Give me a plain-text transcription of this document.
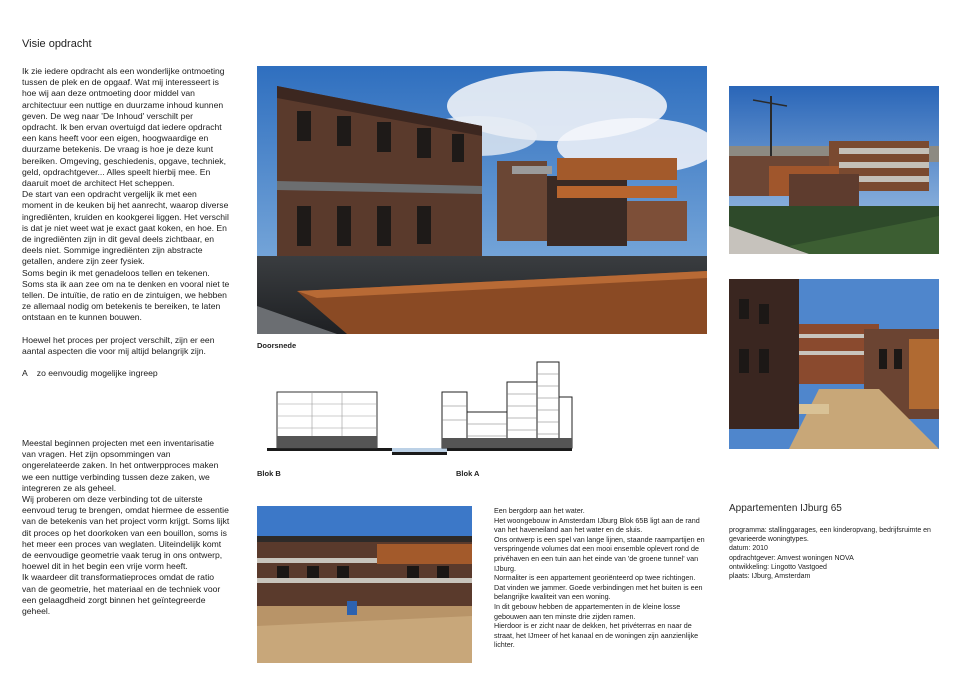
Visie opdracht

Ik zie iedere opdracht als een wonderlijke ontmoeting tussen de plek en de opgaaf. Wat mij interesseert is hoe wij aan deze ontmoeting door middel van architectuur een nuttige en duurzame inhoud kunnen geven. De weg naar 'De Inhoud' verschilt per opdracht. Ik ben ervan overtuigd dat iedere opdracht een kans heeft voor een eigen, hoogwaardige en duurzame betekenis. De vraag is hoe je deze kunt bereiken. Omgeving, geschiedenis, opgave, techniek, geld, opdrachtgever... Alles speelt hierbij mee. En daaruit moet de architect Het scheppen.

De start van een opdracht vergelijk ik met een moment in de keuken bij het aanrecht, waarop diverse ingrediënten, kruiden en kookgerei liggen. Het verschil is dat je niet weet wat je exact gaat koken, en hoe. En de ingrediënten zijn in dit geval deels zichtbaar, en deels niet. Sommige ingrediënten zijn abstracte getallen, andere zijn zeer fysiek.

Soms begin ik met genadeloos tellen en tekenen. Soms sta ik aan zee om na te denken en vooral niet te tellen. De intuïtie, de ratio en de zintuigen, we hebben ze allemaal nodig om betekenis te bereiken, te laten ontstaan en te kunnen bouwen.

Hoewel het proces per project verschilt, zijn er een aantal aspecten die voor mij altijd belangrijk zijn.

A    zo eenvoudig mogelijke ingreep

Meestal beginnen projecten met een inventarisatie van vragen. Het zijn opsommingen van ongerelateerde zaken. In het ontwerpproces maken we een nuttige verbinding tussen deze zaken, we integreren ze als geheel.

Wij proberen om deze verbinding tot de uiterste eenvoud terug te brengen, omdat hiermee de essentie van de betekenis van het project vorm krijgt. Soms lijkt dit proces op het doorkoken van een bouillon, soms is het meer een proces van weglaten. Uiteindelijk komt de eenvoudige geometrie vaak terug in ons ontwerp, hoewel dit in het begin een vrije vorm heeft.

Ik waardeer dit transformatieproces omdat de ratio van de geometrie, het materiaal en de techniek voor een gelaagdheid zorgt binnen het geïntegreerde geheel.

Doorsnede
Blok B	Blok A

Een bergdorp aan het water.

Het woongebouw in Amsterdam IJburg Blok 65B ligt aan de rand van het haveneiland aan het water en de sluis.

Ons ontwerp is een spel van lange lijnen, staande raampartijen en verspringende volumes dat een mooi ensemble oplevert rond de privéhaven en een tuin aan het einde van 'de groene tunnel' van IJburg.

Normaliter is een appartement georiënteerd op twee richtingen. Dat vinden we jammer. Goede verbindingen met het buiten is een belangrijke kwaliteit van een woning.

In dit gebouw hebben de appartementen in de kleine losse gebouwen aan ten minste drie zijden ramen.

Hierdoor is er zicht naar de dekken, het privéterras en naar de straat, het IJmeer of het kanaal en de woningen zijn aanzienlijke lichter.

Appartementen IJburg 65

programma: stallinggarages, een kinderopvang, bedrijfsruimte en gevarieerde woningtypes.

datum: 2010

opdrachtgever: Amvest woningen NOVA

ontwikkeling: Lingotto Vastgoed

plaats: IJburg, Amsterdam
